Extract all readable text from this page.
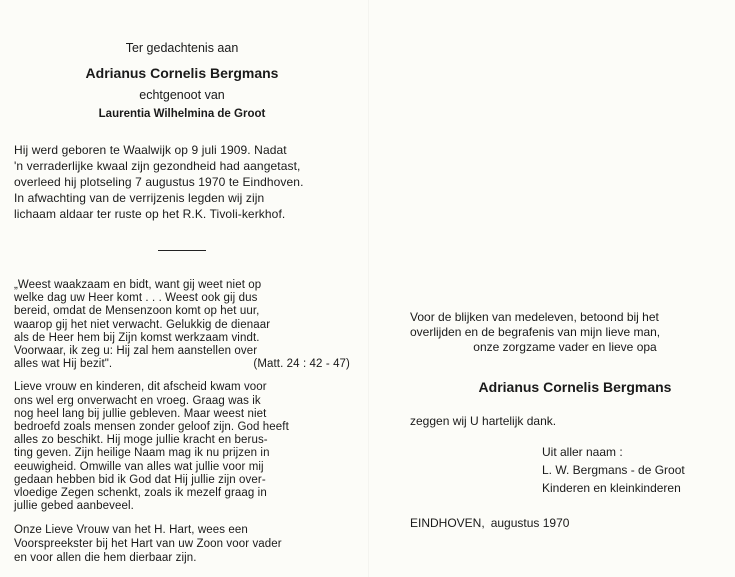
Ter gedachtenis aan
Adrianus Cornelis Bergmans
echtgenoot van
Laurentia Wilhelmina de Groot
Hij werd geboren te Waalwijk op 9 juli 1909. Nadat
'n verraderlijke kwaal zijn gezondheid had aangetast,
overleed hij plotseling 7 augustus 1970 te Eindhoven.
In afwachting van de verrijzenis legden wij zijn
lichaam aldaar ter ruste op het R.K. Tivoli-kerkhof.
„Weest waakzaam en bidt, want gij weet niet op
welke dag uw Heer komt . . . Weest ook gij dus
bereid, omdat de Mensenzoon komt op het uur,
waarop gij het niet verwacht. Gelukkig de dienaar
als de Heer hem bij Zijn komst werkzaam vindt.
Voorwaar, ik zeg u: Hij zal hem aanstellen over
alles wat Hij bezit".	(Matt. 24 : 42 - 47)
Lieve vrouw en kinderen, dit afscheid kwam voor
ons wel erg onverwacht en vroeg. Graag was ik
nog heel lang bij jullie gebleven. Maar weest niet
bedroefd zoals mensen zonder geloof zijn. God heeft
alles zo beschikt. Hij moge jullie kracht en berus-
ting geven. Zijn heilige Naam mag ik nu prijzen in
eeuwigheid. Omwille van alles wat jullie voor mij
gedaan hebben bid ik God dat Hij jullie zijn over-
vloedige Zegen schenkt, zoals ik mezelf graag in
jullie gebed aanbeveel.
Onze Lieve Vrouw van het H. Hart, wees een
Voorspreekster bij het Hart van uw Zoon voor vader
en voor allen die hem dierbaar zijn.
Voor de blijken van medeleven, betoond bij het
overlijden en de begrafenis van mijn lieve man,
onze zorgzame vader en lieve opa
Adrianus Cornelis Bergmans
zeggen wij U hartelijk dank.
Uit aller naam :
L. W. Bergmans - de Groot
Kinderen en kleinkinderen
EINDHOVEN, augustus 1970
